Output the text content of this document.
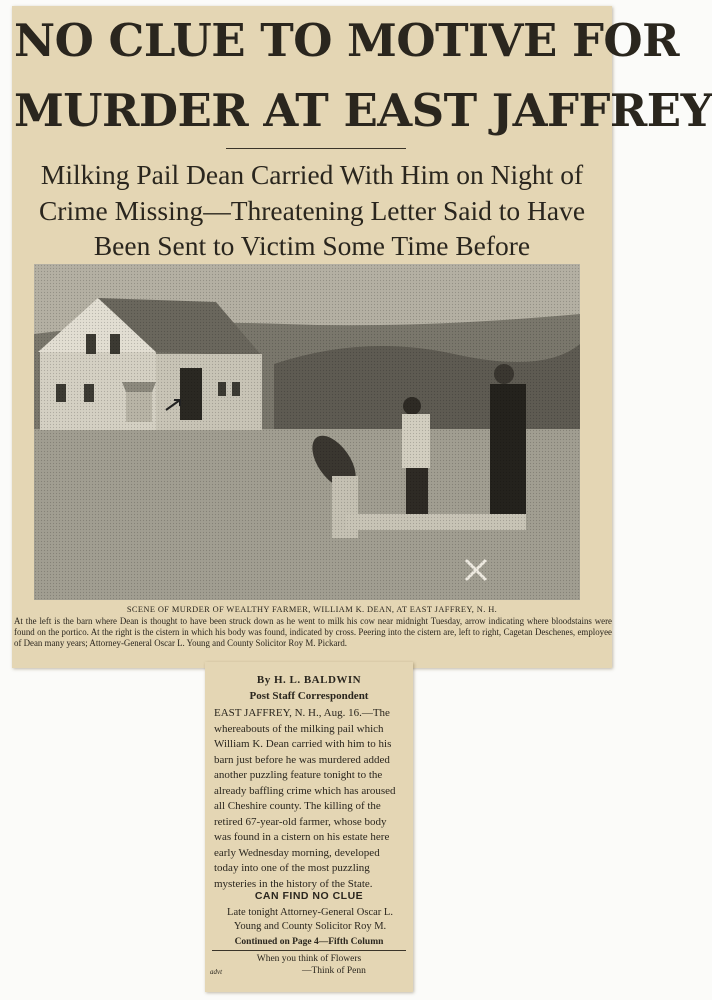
NO CLUE TO MOTIVE FOR
MURDER AT EAST JAFFREY
Milking Pail Dean Carried With Him on Night of
Crime Missing—Threatening Letter Said to Have
Been Sent to Victim Some Time Before
SCENE OF MURDER OF WEALTHY FARMER, WILLIAM K. DEAN, AT EAST JAFFREY, N. H.
At the left is the barn where Dean is thought to have been struck down as he went to milk his cow near midnight Tuesday, arrow indicating where bloodstains were found on the portico. At the right is the cistern in which his body was found, indicated by cross. Peering into the cistern are, left to right, Cagetan Deschenes, employee of Dean many years; Attorney-General Oscar L. Young and County Solicitor Roy M. Pickard.
By H. L. BALDWIN
Post Staff Correspondent
EAST JAFFREY, N. H., Aug. 16.—The whereabouts of the milking pail which William K. Dean carried with him to his barn just before he was murdered added another puzzling feature tonight to the already baffling crime which has aroused all Cheshire county. The killing of the retired 67-year-old farmer, whose body was found in a cistern on his estate here early Wednesday morning, developed today into one of the most puzzling mysteries in the history of the State.
CAN FIND NO CLUE
Late tonight Attorney-General Oscar L. Young and County Solicitor Roy M.
Continued on Page 4—Fifth Column
When you think of Flowers
advt	—Think of Penn
